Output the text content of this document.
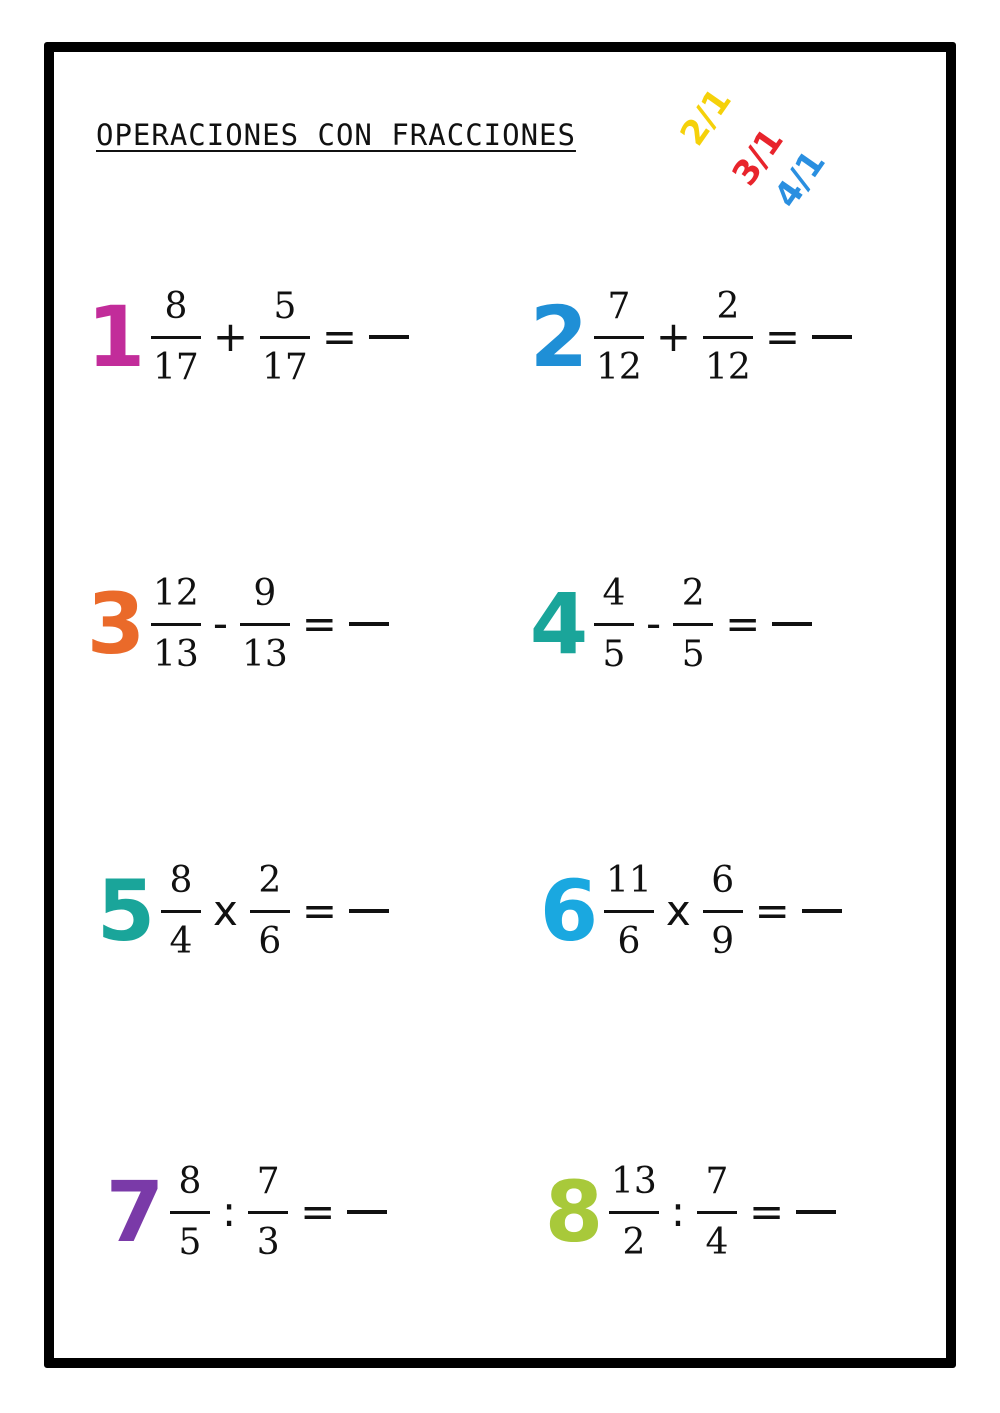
OPERACIONES CON FRACCIONES	2/1
3/1
4/1
$1 \frac{8}{17} + \frac{5}{17} = 2 \frac{7}{12} + \frac{2}{12}$ =
$3 \frac{12}{13} - \frac{9}{13} = 4 \frac{4}{5} - \frac{2}{5}$ =
$5 \frac{8}{4}$ x $\frac{2}{6} = 6 \frac{11}{6}$ x $\frac{6}{9}$ =
$7 \frac{8}{5}$ : $\frac{7}{3} = 8 \frac{13}{2}$ : $\frac{7}{4}$ =
